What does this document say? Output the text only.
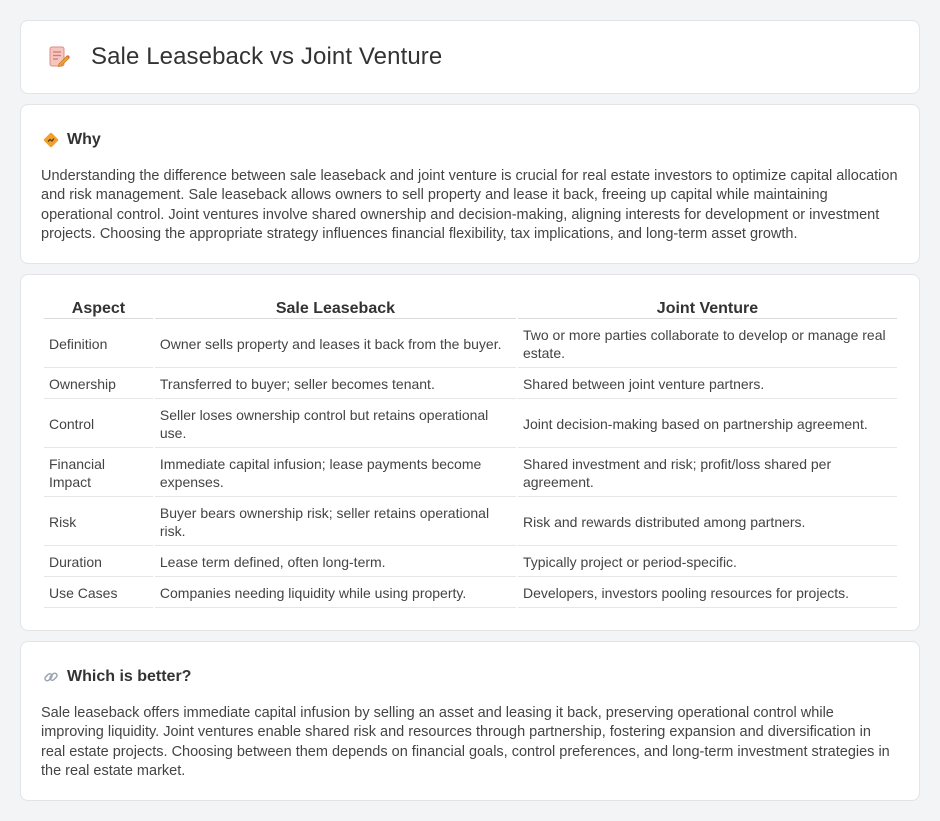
Sale Leaseback vs Joint Venture
Why

Understanding the difference between sale leaseback and joint venture is crucial for real estate investors to optimize capital allocation and risk management. Sale leaseback allows owners to sell property and lease it back, freeing up capital while maintaining operational control. Joint ventures involve shared ownership and decision-making, aligning interests for development or investment projects. Choosing the appropriate strategy influences financial flexibility, tax implications, and long-term asset growth.

Aspect	Sale Leaseback	Joint Venture
Definition	Owner sells property and leases it back from the buyer.	Two or more parties collaborate to develop or manage real estate.
Ownership	Transferred to buyer; seller becomes tenant.	Shared between joint venture partners.
Control	Seller loses ownership control but retains operational use.	Joint decision-making based on partnership agreement.
Financial Impact	Immediate capital infusion; lease payments become expenses.	Shared investment and risk; profit/loss shared per agreement.
Risk	Buyer bears ownership risk; seller retains operational risk.	Risk and rewards distributed among partners.
Duration	Lease term defined, often long-term.	Typically project or period-specific.
Use Cases	Companies needing liquidity while using property.	Developers, investors pooling resources for projects.
Which is better?

Sale leaseback offers immediate capital infusion by selling an asset and leasing it back, preserving operational control while improving liquidity. Joint ventures enable shared risk and resources through partnership, fostering expansion and diversification in real estate projects. Choosing between them depends on financial goals, control preferences, and long-term investment strategies in the real estate market.
